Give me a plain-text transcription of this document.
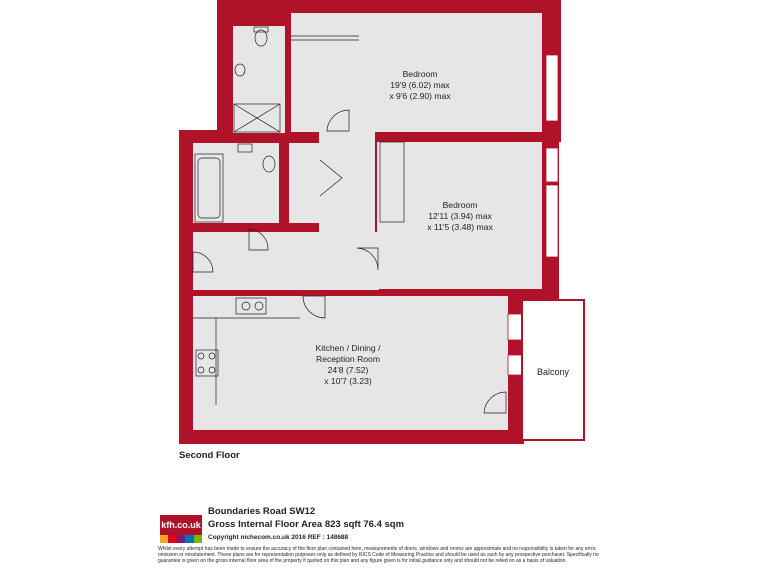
Bedroom
19'9 (6.02) max
x 9'6 (2.90) max
Bedroom
12'11 (3.94) max
x 11'5 (3.48) max
Kitchen / Dining /
Reception Room
24'8 (7.52)
x 10'7 (3.23)
Balcony
Second Floor
kfh.co.uk
Boundaries Road SW12
Gross Internal Floor Area 823 sqft 76.4 sqm
Copyright nichecom.co.uk 2016 REF : 148688
Whilst every attempt has been made to ensure the accuracy of the floor plan contained here, measurements of doors, windows and rooms are approximate and no responsibility is taken for any error, omission or misstatement. These plans are for representation purposes only as defined by RICS Code of Measuring Practice and should be used as such by any prospective purchaser. Specifically no guarantee is given on the gross internal floor area of the property if quoted on this plan and any figure given is for initial guidance only and should not be relied on as a basis of valuation.
